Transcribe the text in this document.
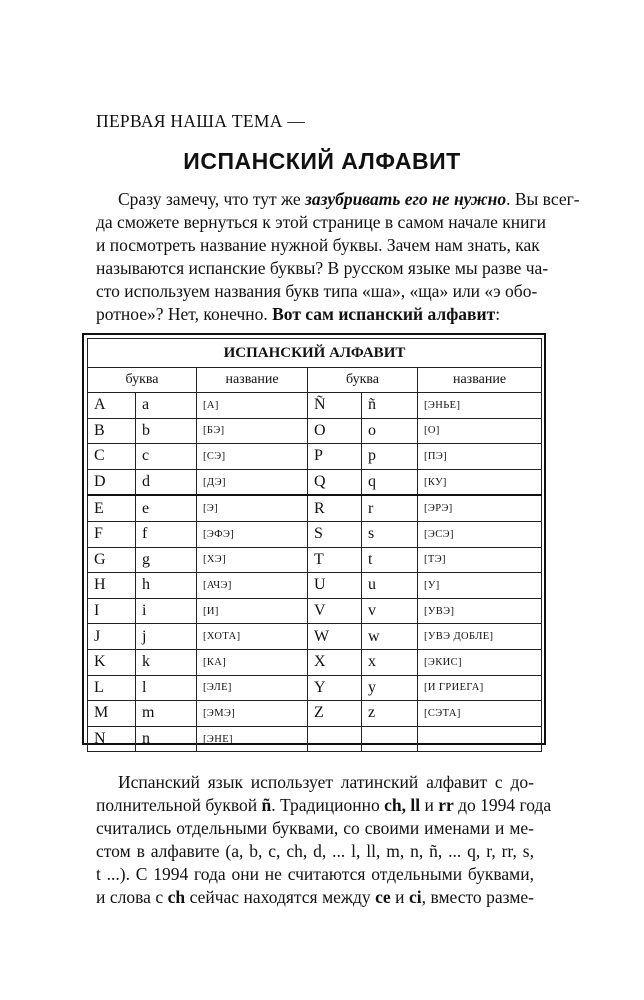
ПЕРВАЯ НАША ТЕМА —
ИСПАНСКИЙ АЛФАВИТ
Сразу замечу, что тут же зазубривать его не нужно. Вы всег-
да сможете вернуться к этой странице в самом начале книги
и посмотреть название нужной буквы. Зачем нам знать, как
называются испанские буквы? В русском языке мы разве ча-
сто используем названия букв типа «ша», «ща» или «э обо-
ротное»? Нет, конечно. Вот сам испанский алфавит:
ИСПАНСКИЙ АЛФАВИТ					
буква		название	буква		название
A	a	[А]	Ñ	ñ	[ЭНЬЕ]
B	b	[БЭ]	O	o	[О]
C	c	[СЭ]	P	p	[ПЭ]
D	d	[ДЭ]	Q	q	[КУ]
E	e	[Э]	R	r	[ЭРЭ]
F	f	[ЭФЭ]	S	s	[ЭСЭ]
G	g	[ХЭ]	T	t	[ТЭ]
H	h	[АЧЭ]	U	u	[У]
I	i	[И]	V	v	[УВЭ]
J	j	[ХОТА]	W	w	[УВЭ ДОБЛЕ]
K	k	[КА]	X	x	[ЭКИС]
L	l	[ЭЛЕ]	Y	y	[И ГРИЕГА]
M	m	[ЭМЭ]	Z	z	[СЭТА]
N	n	[ЭНЕ]			
Испанский язык использует латинский алфавит с до-
полнительной буквой ñ. Традиционно ch, ll и rr до 1994 года
считались отдельными буквами, со своими именами и ме-
стом в алфавите (a, b, c, ch, d, ... l, ll, m, n, ñ, ... q, r, rr, s,
t ...). С 1994 года они не считаются отдельными буквами,
и слова с ch сейчас находятся между ce и ci, вместо разме-
